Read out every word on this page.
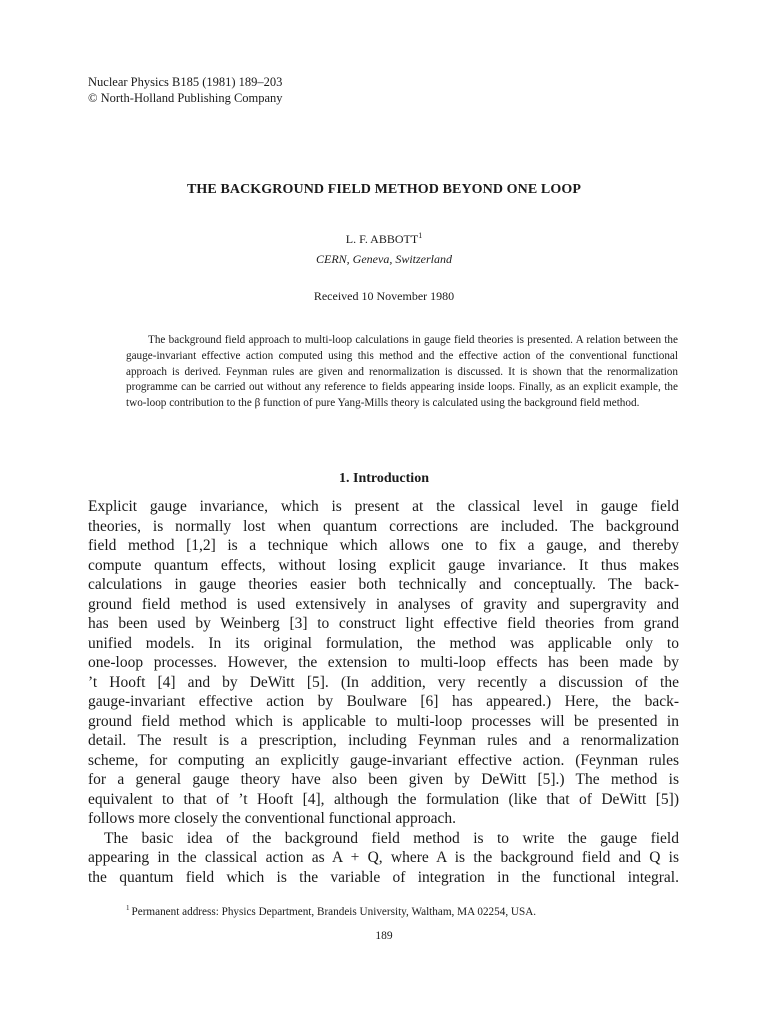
Nuclear Physics B185 (1981) 189–203
© North-Holland Publishing Company
THE BACKGROUND FIELD METHOD BEYOND ONE LOOP
L. F. ABBOTT$^1$
CERN, Geneva, Switzerland
Received 10 November 1980
The background field approach to multi-loop calculations in gauge field theories is presented. A relation between the gauge-invariant effective action computed using this method and the effective action of the conventional functional approach is derived. Feynman rules are given and renormalization is discussed. It is shown that the renormalization programme can be carried out without any reference to fields appearing inside loops. Finally, as an explicit example, the two-loop contribution to the β function of pure Yang-Mills theory is calculated using the background field method.
1. Introduction
Explicit gauge invariance, which is present at the classical level in gauge field
theories, is normally lost when quantum corrections are included. The background
field method [1,2] is a technique which allows one to fix a gauge, and thereby
compute quantum effects, without losing explicit gauge invariance. It thus makes
calculations in gauge theories easier both technically and conceptually. The back-
ground field method is used extensively in analyses of gravity and supergravity and
has been used by Weinberg [3] to construct light effective field theories from grand
unified models. In its original formulation, the method was applicable only to
one-loop processes. However, the extension to multi-loop effects has been made by
’t Hooft [4] and by DeWitt [5]. (In addition, very recently a discussion of the
gauge-invariant effective action by Boulware [6] has appeared.) Here, the back-
ground field method which is applicable to multi-loop processes will be presented in
detail. The result is a prescription, including Feynman rules and a renormalization
scheme, for computing an explicitly gauge-invariant effective action. (Feynman rules
for a general gauge theory have also been given by DeWitt [5].) The method is
equivalent to that of ’t Hooft [4], although the formulation (like that of DeWitt [5])
follows more closely the conventional functional approach.
The basic idea of the background field method is to write the gauge field
appearing in the classical action as A + Q, where A is the background field and Q is
the quantum field which is the variable of integration in the functional integral.
$^1$ Permanent address: Physics Department, Brandeis University, Waltham, MA 02254, USA.
189
